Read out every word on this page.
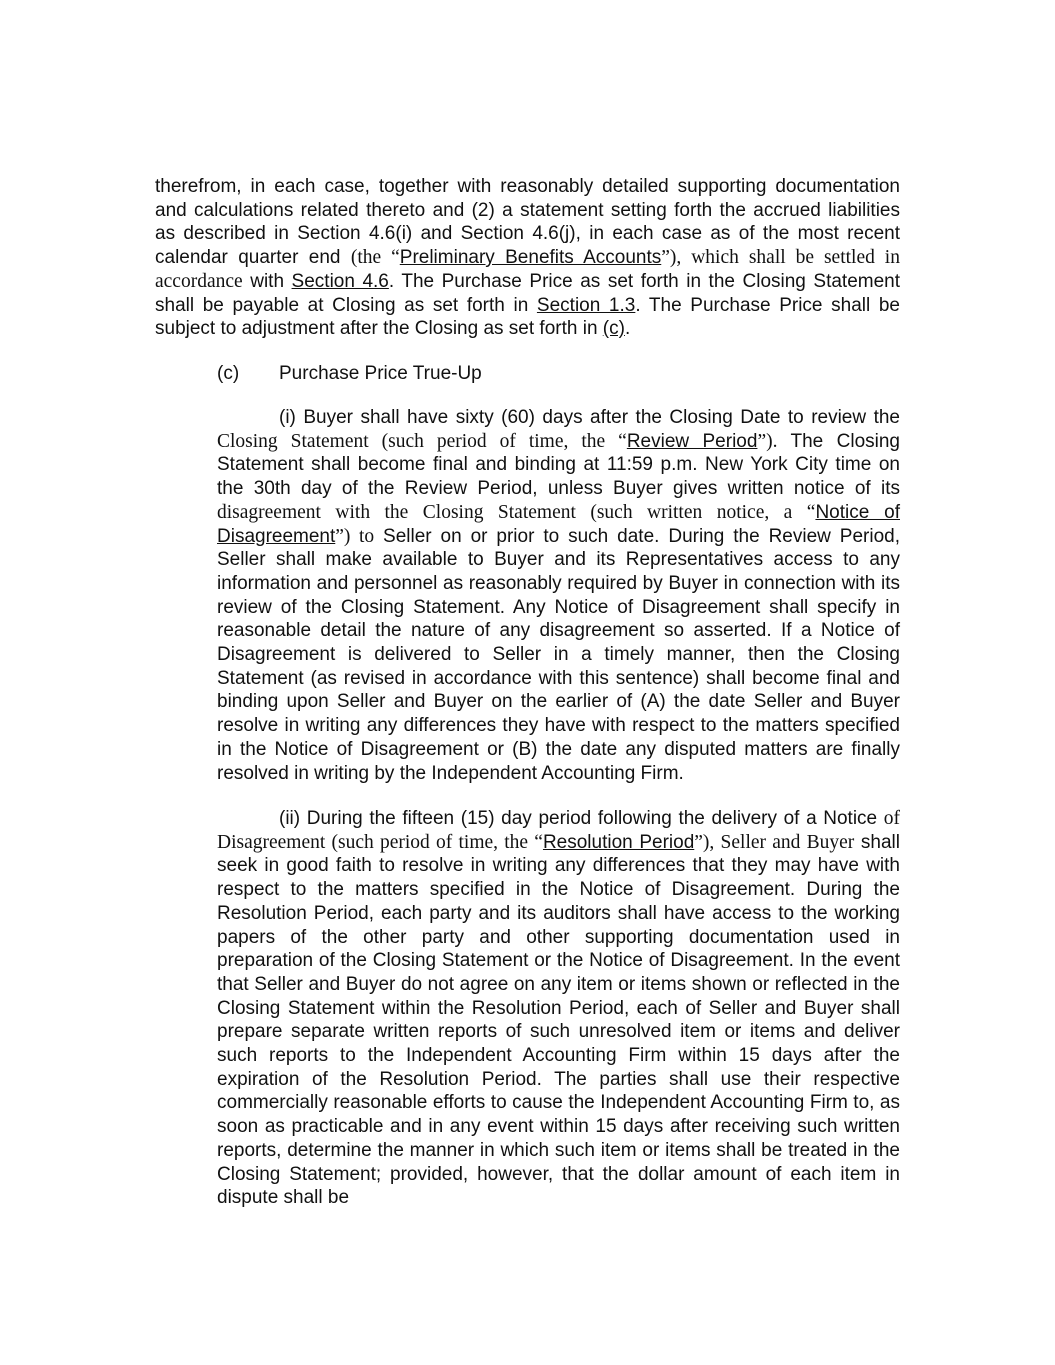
therefrom, in each case, together with reasonably detailed supporting documentation and calculations related thereto and (2) a statement setting forth the accrued liabilities as described in Section 4.6(i) and Section 4.6(j), in each case as of the most recent calendar quarter end (the “Preliminary Benefits Accounts”), which shall be settled in accordance with Section 4.6. The Purchase Price as set forth in the Closing Statement shall be payable at Closing as set forth in Section 1.3. The Purchase Price shall be subject to adjustment after the Closing as set forth in (c).

(c) Purchase Price True-Up

(i) Buyer shall have sixty (60) days after the Closing Date to review the Closing Statement (such period of time, the “Review Period”). The Closing Statement shall become final and binding at 11:59 p.m. New York City time on the 30th day of the Review Period, unless Buyer gives written notice of its disagreement with the Closing Statement (such written notice, a “Notice of Disagreement”) to Seller on or prior to such date. During the Review Period, Seller shall make available to Buyer and its Representatives access to any information and personnel as reasonably required by Buyer in connection with its review of the Closing Statement. Any Notice of Disagreement shall specify in reasonable detail the nature of any disagreement so asserted. If a Notice of Disagreement is delivered to Seller in a timely manner, then the Closing Statement (as revised in accordance with this sentence) shall become final and binding upon Seller and Buyer on the earlier of (A) the date Seller and Buyer resolve in writing any differences they have with respect to the matters specified in the Notice of Disagreement or (B) the date any disputed matters are finally resolved in writing by the Independent Accounting Firm.

(ii) During the fifteen (15) day period following the delivery of a Notice of Disagreement (such period of time, the “Resolution Period”), Seller and Buyer shall seek in good faith to resolve in writing any differences that they may have with respect to the matters specified in the Notice of Disagreement. During the Resolution Period, each party and its auditors shall have access to the working papers of the other party and other supporting documentation used in preparation of the Closing Statement or the Notice of Disagreement. In the event that Seller and Buyer do not agree on any item or items shown or reflected in the Closing Statement within the Resolution Period, each of Seller and Buyer shall prepare separate written reports of such unresolved item or items and deliver such reports to the Independent Accounting Firm within 15 days after the expiration of the Resolution Period. The parties shall use their respective commercially reasonable efforts to cause the Independent Accounting Firm to, as soon as practicable and in any event within 15 days after receiving such written reports, determine the manner in which such item or items shall be treated in the Closing Statement; provided, however, that the dollar amount of each item in dispute shall be
